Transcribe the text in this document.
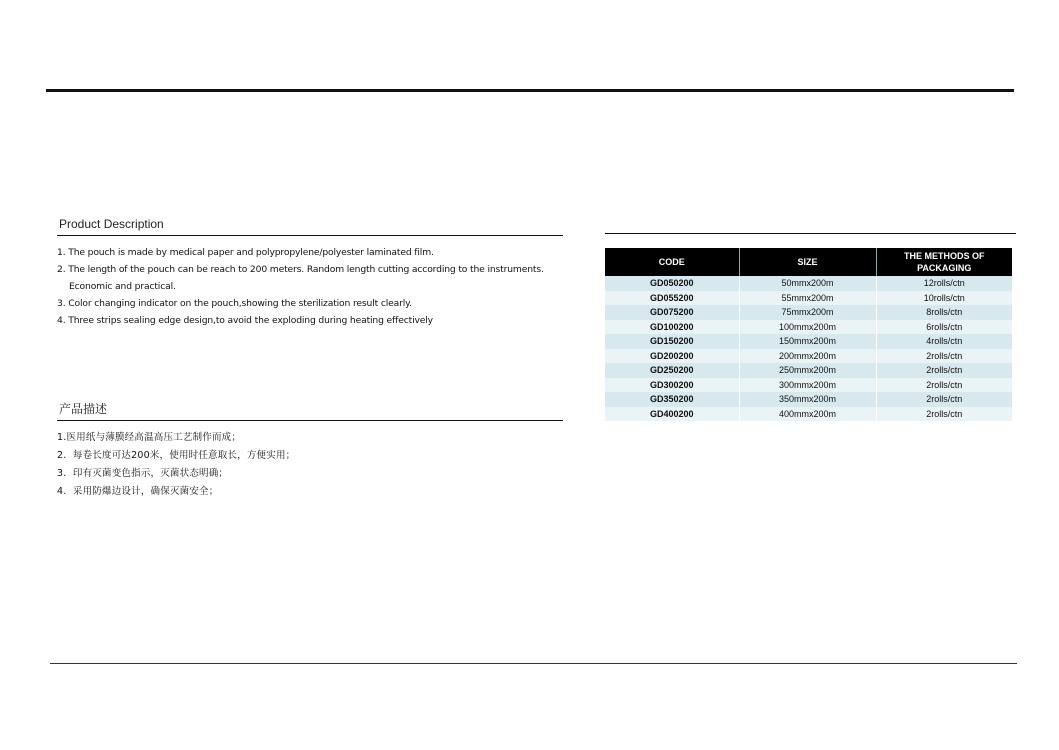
Product Description
1. The pouch is made by medical paper and polypropylene/polyester laminated film.
2. The length of the pouch can be reach to 200 meters. Random length cutting according to the instruments.
Economic and practical.
3. Color changing indicator on the pouch,showing the sterilization result clearly.
4. Three strips sealing edge design,to avoid the exploding during heating effectively
产品描述
1.医用纸与薄膜经高温高压工艺制作而成；
2. 每卷长度可达200米，使用时任意取长，方便实用；
3. 印有灭菌变色指示，灭菌状态明确；
4. 采用防爆边设计，确保灭菌安全；
CODE	SIZE	THE METHODS OF PACKAGING
GD050200	50mmx200m	12rolls/ctn
GD055200	55mmx200m	10rolls/ctn
GD075200	75mmx200m	8rolls/ctn
GD100200	100mmx200m	6rolls/ctn
GD150200	150mmx200m	4rolls/ctn
GD200200	200mmx200m	2rolls/ctn
GD250200	250mmx200m	2rolls/ctn
GD300200	300mmx200m	2rolls/ctn
GD350200	350mmx200m	2rolls/ctn
GD400200	400mmx200m	2rolls/ctn
